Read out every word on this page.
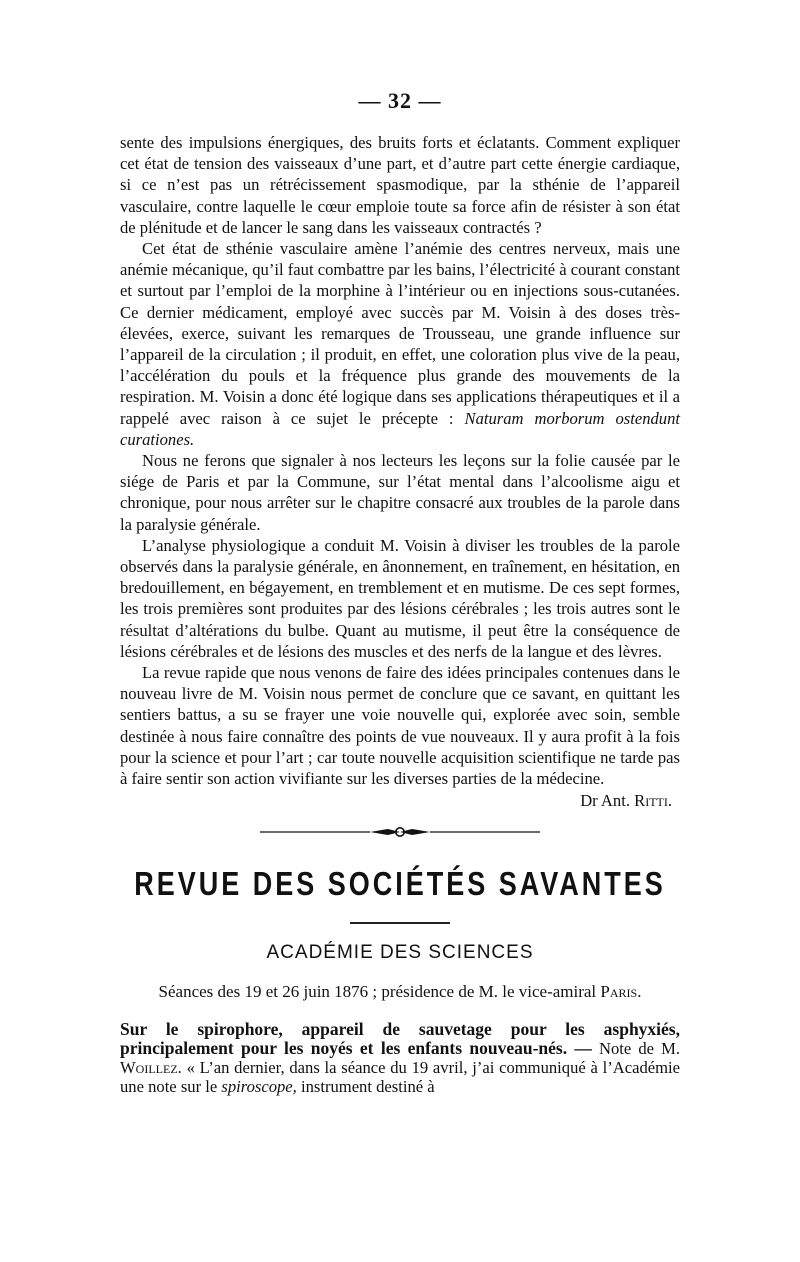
— 32 —

sente des impulsions énergiques, des bruits forts et éclatants. Comment expliquer cet état de tension des vaisseaux d’une part, et d’autre part cette énergie cardiaque, si ce n’est pas un rétrécissement spasmodique, par la sthénie de l’appareil vasculaire, contre laquelle le cœur emploie toute sa force afin de résister à son état de plénitude et de lancer le sang dans les vaisseaux contractés ?

Cet état de sthénie vasculaire amène l’anémie des centres nerveux, mais une anémie mécanique, qu’il faut combattre par les bains, l’électricité à courant constant et surtout par l’emploi de la morphine à l’intérieur ou en injections sous-cutanées. Ce dernier médicament, employé avec succès par M. Voisin à des doses très-élevées, exerce, suivant les remarques de Trousseau, une grande influence sur l’appareil de la circulation ; il produit, en effet, une coloration plus vive de la peau, l’accélération du pouls et la fréquence plus grande des mouvements de la respiration. M. Voisin a donc été logique dans ses applications thérapeutiques et il a rappelé avec raison à ce sujet le précepte : Naturam morborum ostendunt curationes.

Nous ne ferons que signaler à nos lecteurs les leçons sur la folie causée par le siége de Paris et par la Commune, sur l’état mental dans l’alcoolisme aigu et chronique, pour nous arrêter sur le chapitre consacré aux troubles de la parole dans la paralysie générale.

L’analyse physiologique a conduit M. Voisin à diviser les troubles de la parole observés dans la paralysie générale, en ânonnement, en traînement, en hésitation, en bredouillement, en bégayement, en tremblement et en mutisme. De ces sept formes, les trois premières sont produites par des lésions cérébrales ; les trois autres sont le résultat d’altérations du bulbe. Quant au mutisme, il peut être la conséquence de lésions cérébrales et de lésions des muscles et des nerfs de la langue et des lèvres.

La revue rapide que nous venons de faire des idées principales contenues dans le nouveau livre de M. Voisin nous permet de conclure que ce savant, en quittant les sentiers battus, a su se frayer une voie nouvelle qui, explorée avec soin, semble destinée à nous faire connaître des points de vue nouveaux. Il y aura profit à la fois pour la science et pour l’art ; car toute nouvelle acquisition scientifique ne tarde pas à faire sentir son action vivifiante sur les diverses parties de la médecine.

Dr Ant. Ritti.
REVUE DES SOCIÉTÉS SAVANTES
ACADÉMIE DES SCIENCES
Séances des 19 et 26 juin 1876 ; présidence de M. le vice-amiral Paris.
Sur le spirophore, appareil de sauvetage pour les asphyxiés, principalement pour les noyés et les enfants nouveau-nés. — Note de M. Woillez. « L’an dernier, dans la séance du 19 avril, j’ai communiqué à l’Académie une note sur le spiroscope, instrument destiné à
